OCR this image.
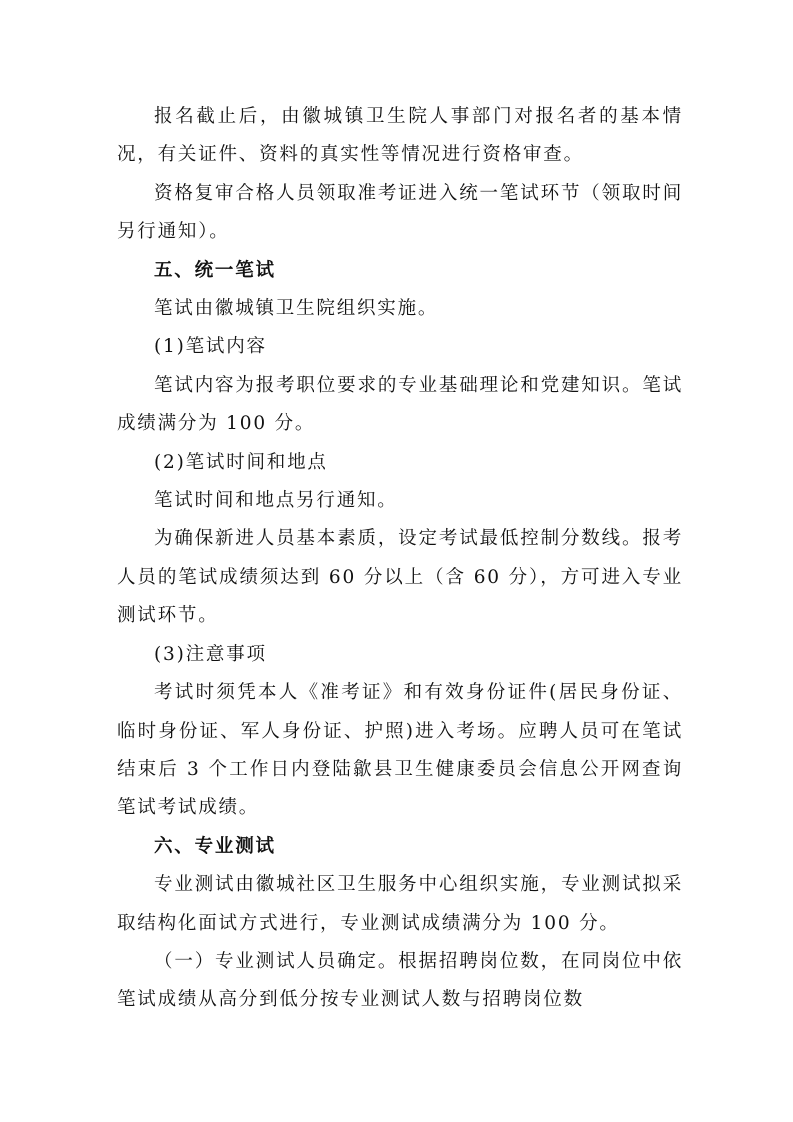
报名截止后，由徽城镇卫生院人事部门对报名者的基本情况，有关证件、资料的真实性等情况进行资格审查。

资格复审合格人员领取准考证进入统一笔试环节（领取时间另行通知）。

五、统一笔试

笔试由徽城镇卫生院组织实施。

(1)笔试内容

笔试内容为报考职位要求的专业基础理论和党建知识。笔试成绩满分为 100 分。

(2)笔试时间和地点

笔试时间和地点另行通知。

为确保新进人员基本素质，设定考试最低控制分数线。报考人员的笔试成绩须达到 60 分以上（含 60 分），方可进入专业测试环节。

(3)注意事项

考试时须凭本人《准考证》和有效身份证件(居民身份证、临时身份证、军人身份证、护照)进入考场。应聘人员可在笔试结束后 3 个工作日内登陆歙县卫生健康委员会信息公开网查询笔试考试成绩。

六、专业测试

专业测试由徽城社区卫生服务中心组织实施，专业测试拟采取结构化面试方式进行，专业测试成绩满分为 100 分。

（一）专业测试人员确定。根据招聘岗位数，在同岗位中依笔试成绩从高分到低分按专业测试人数与招聘岗位数
